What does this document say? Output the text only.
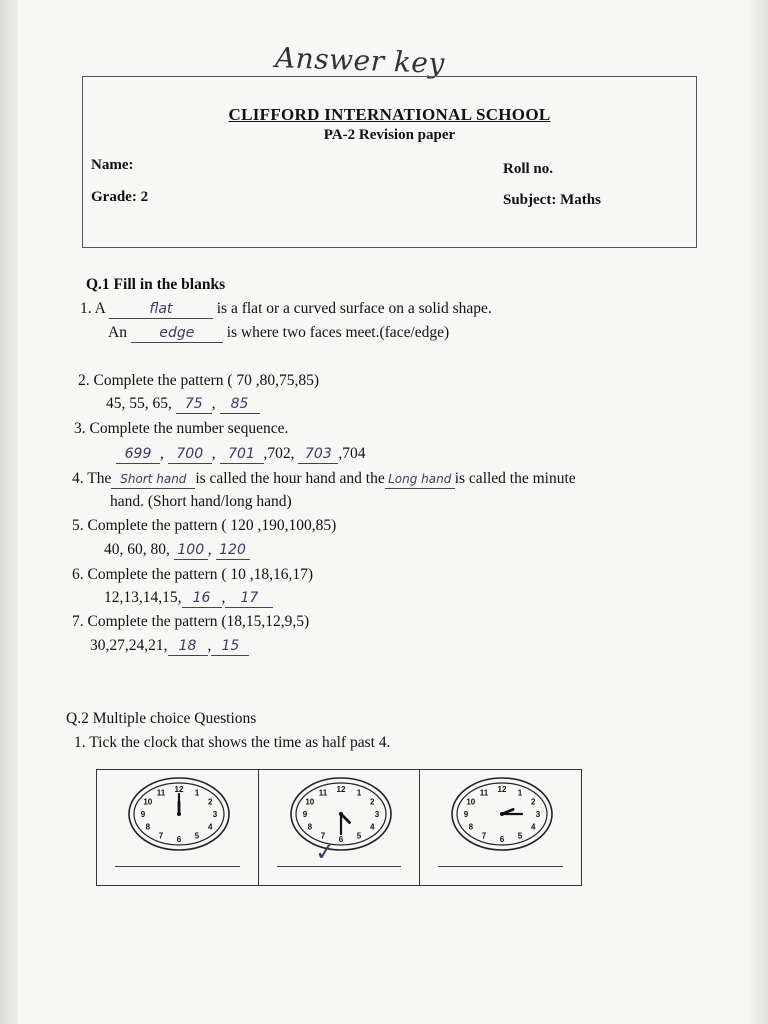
Answer key
CLIFFORD INTERNATIONAL SCHOOL
PA-2 Revision paper
Name:	Roll no.
Grade: 2	Subject: Maths
Q.1 Fill in the blanks
1. A	flat	is a flat or a curved surface on a solid shape.
An edge is where two faces meet.(face/edge)
2. Complete the pattern ( 70 ,80,75,85)
45, 55, 65, 75 , 85
3. Complete the number sequence.
699 , 700 , 701 ,702, 703 ,704
4. The Short hand is called the hour hand and the Long hand is called the minute
hand. (Short hand/long hand)
5. Complete the pattern ( 120 ,190,100,85)
40, 60, 80, 100 , 120
6. Complete the pattern ( 10 ,18,16,17)
12,13,14,15, 16 , 17
7. Complete the pattern (18,15,12,9,5)
30,27,24,21, 18 , 15
Q.2 Multiple choice Questions
1. Tick the clock that shows the time as half past 4.
12 1
2
3
4
5
6
7
8
9
10
11	12 1
2
3
4
5
6
7
8
9
10
11
✓
12 1
2
3
4
5
6
7
8
9
10
11
